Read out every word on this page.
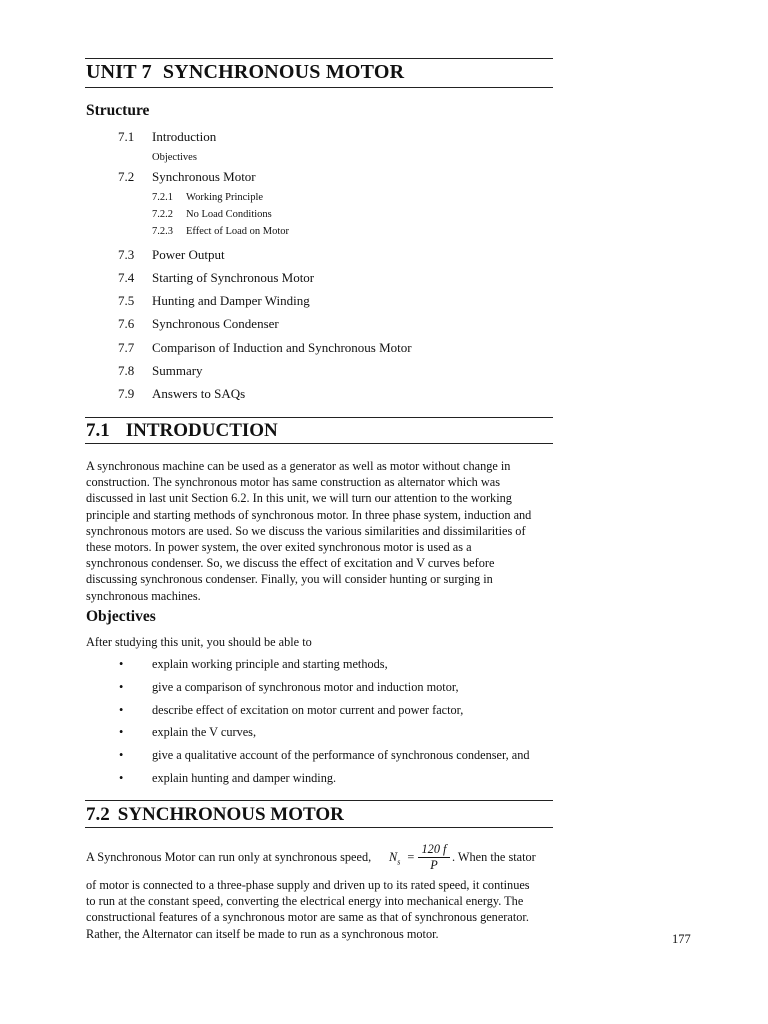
UNIT 7 SYNCHRONOUS MOTOR
Structure
7.1 Introduction
Objectives
7.2 Synchronous Motor
7.2.1 Working Principle
7.2.2 No Load Conditions
7.2.3 Effect of Load on Motor
7.3 Power Output
7.4 Starting of Synchronous Motor
7.5 Hunting and Damper Winding
7.6 Synchronous Condenser
7.7 Comparison of Induction and Synchronous Motor
7.8 Summary
7.9 Answers to SAQs
7.1 INTRODUCTION
A synchronous machine can be used as a generator as well as motor without change in
construction. The synchronous motor has same construction as alternator which was
discussed in last unit Section 6.2. In this unit, we will turn our attention to the working
principle and starting methods of synchronous motor. In three phase system, induction and
synchronous motors are used. So we discuss the various similarities and dissimilarities of
these motors. In power system, the over exited synchronous motor is used as a
synchronous condenser. So, we discuss the effect of excitation and V curves before
discussing synchronous condenser. Finally, you will consider hunting or surging in
synchronous machines.
Objectives
After studying this unit, you should be able to
• explain working principle and starting methods,
• give a comparison of synchronous motor and induction motor,
• describe effect of excitation on motor current and power factor,
• explain the V curves,
• give a qualitative account of the performance of synchronous condenser, and
• explain hunting and damper winding.
7.2 SYNCHRONOUS MOTOR
A Synchronous Motor can run only at synchronous speed, $N_s = \frac{120 f}{P}$ . When the stator
of motor is connected to a three-phase supply and driven up to its rated speed, it continues
to run at the constant speed, converting the electrical energy into mechanical energy. The
constructional features of a synchronous motor are same as that of synchronous generator.
Rather, the Alternator can itself be made to run as a synchronous motor.	177
